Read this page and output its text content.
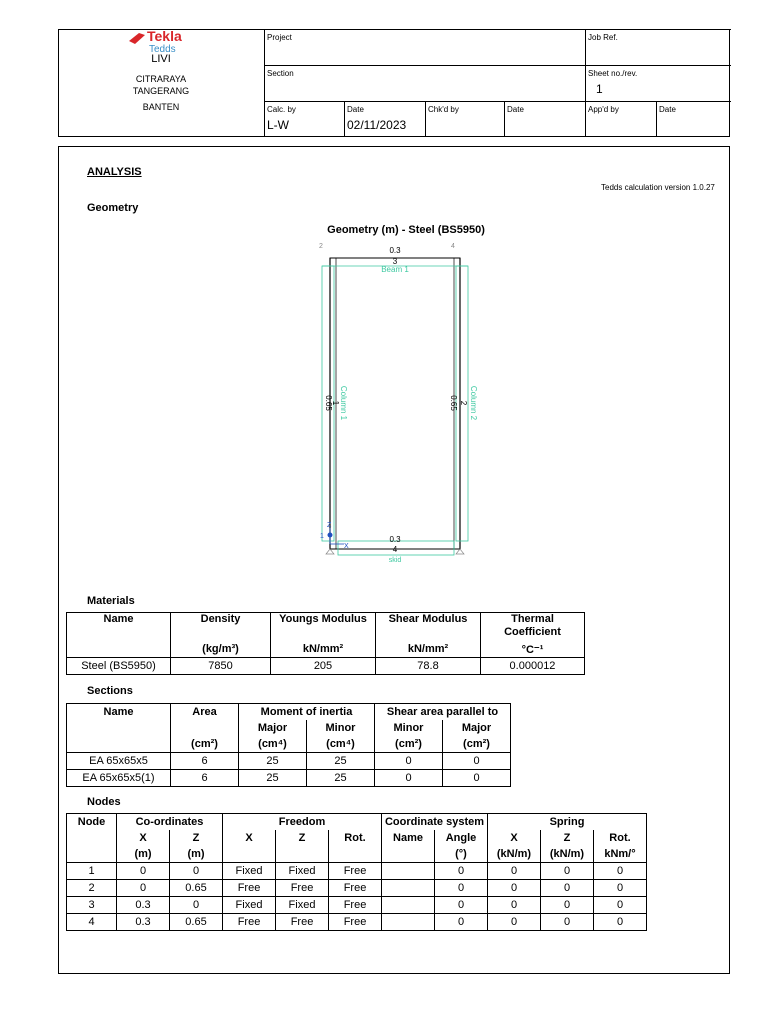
Tekla
Tedds
LIVI
CITRARAYA
TANGERANG
BANTEN
Project	Job Ref.
Section	Sheet no./rev.
1
Calc. by
L-W
Date
02/11/2023
Chk'd by	Date	App'd by	Date
ANALYSIS
Tedds calculation version 1.0.27
Geometry
Geometry (m) - Steel (BS5950)
2	4
1
0.3
3
Beam 1
0.65
1 Column 1	0.65 2 Column 2
0.3
4
skid
X
Z
Materials
Name	Density	Youngs Modulus	Shear Modulus	Thermal Coefficient
	(kg/m³)	kN/mm²	kN/mm²	°C⁻¹
Steel (BS5950)	7850	205	78.8	0.000012
Sections
Name	Area	Moment of inertia		Shear area parallel to	
		Major	Minor	Minor	Major
	(cm²)	(cm⁴)	(cm⁴)	(cm²)	(cm²)
EA 65x65x5	6	25	25	0	0
EA 65x65x5(1)	6	25	25	0	0
Nodes
Node	Co-ordinates		Freedom			Coordinate system		Spring		
	X	Z	X	Z	Rot.	Name	Angle	X	Z	Rot.
	(m)	(m)					(°)	(kN/m)	(kN/m)	kNm/°
1	0	0	Fixed	Fixed	Free		0	0	0	0
2	0	0.65	Free	Free	Free		0	0	0	0
3	0.3	0	Fixed	Fixed	Free		0	0	0	0
4	0.3	0.65	Free	Free	Free		0	0	0	0
